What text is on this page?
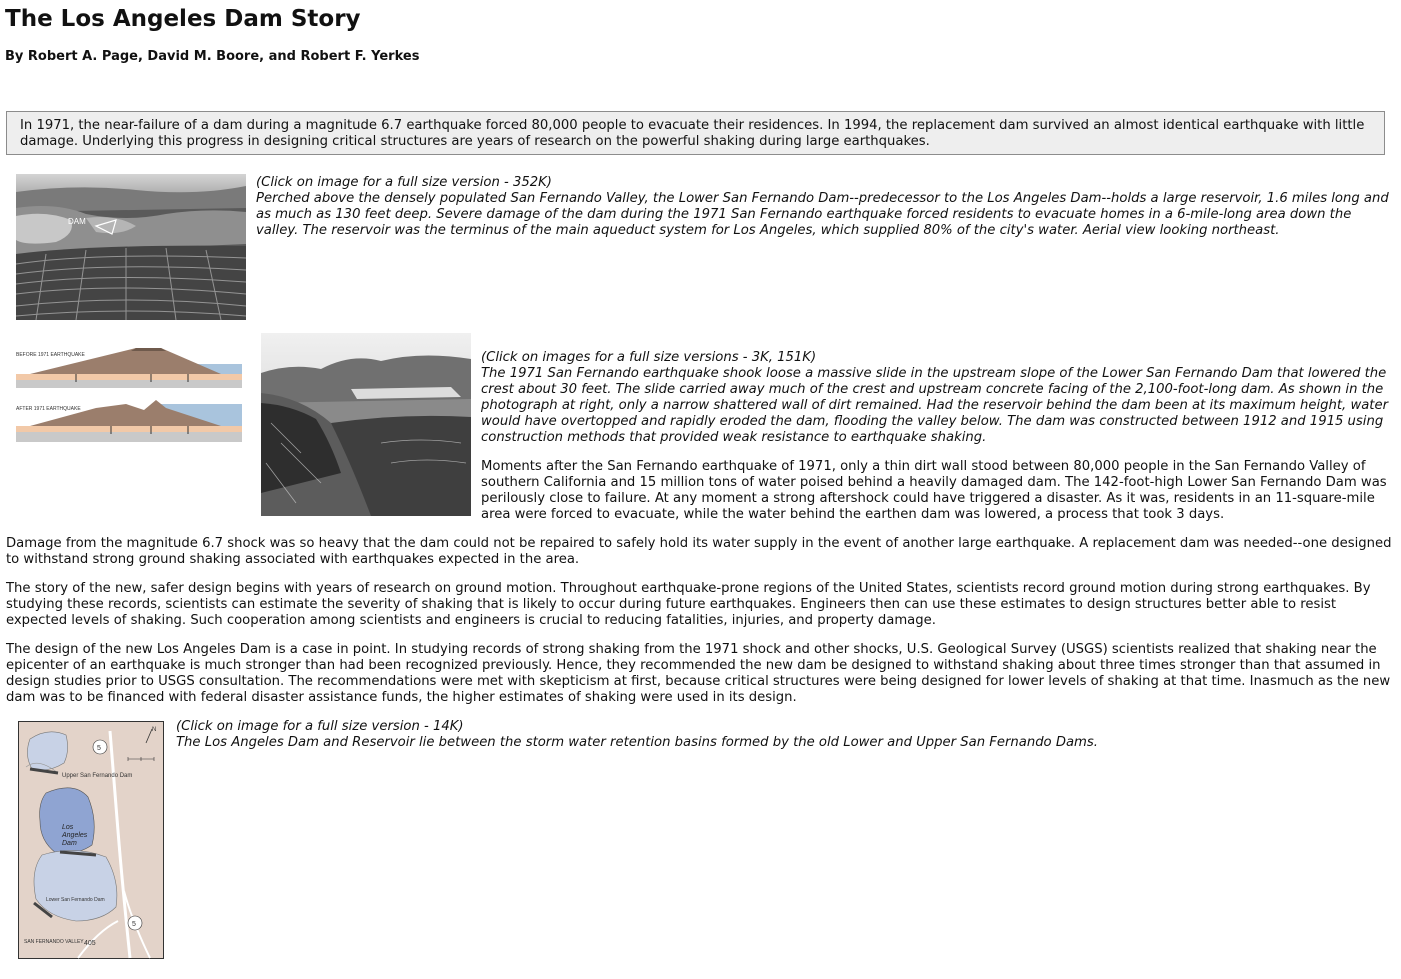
The Los Angeles Dam Story

By Robert A. Page, David M. Boore, and Robert F. Yerkes

In 1971, the near-failure of a dam during a magnitude 6.7 earthquake forced 80,000 people to evacuate their residences. In 1994, the replacement dam survived an almost identical earthquake with little damage. Underlying this progress in designing critical structures are years of research on the powerful shaking during large earthquakes.
DAM
(Click on image for a full size version - 352K)
Perched above the densely populated San Fernando Valley, the Lower San Fernando Dam--predecessor to the Los Angeles Dam--holds a large reservoir, 1.6 miles long and as much as 130 feet deep. Severe damage of the dam during the 1971 San Fernando earthquake forced residents to evacuate homes in a 6-mile-long area down the valley. The reservoir was the terminus of the main aqueduct system for Los Angeles, which supplied 80% of the city's water. Aerial view looking northeast.
BEFORE 1971 EARTHQUAKE
AFTER 1971 EARTHQUAKE
(Click on images for a full size versions - 3K, 151K)
The 1971 San Fernando earthquake shook loose a massive slide in the upstream slope of the Lower San Fernando Dam that lowered the crest about 30 feet. The slide carried away much of the crest and upstream concrete facing of the 2,100-foot-long dam. As shown in the photograph at right, only a narrow shattered wall of dirt remained. Had the reservoir behind the dam been at its maximum height, water would have overtopped and rapidly eroded the dam, flooding the valley below. The dam was constructed between 1912 and 1915 using construction methods that provided weak resistance to earthquake shaking.

Moments after the San Fernando earthquake of 1971, only a thin dirt wall stood between 80,000 people in the San Fernando Valley of southern California and 15 million tons of water poised behind a heavily damaged dam. The 142-foot-high Lower San Fernando Dam was perilously close to failure. At any moment a strong aftershock could have triggered a disaster. As it was, residents in an 11-square-mile area were forced to evacuate, while the water behind the earthen dam was lowered, a process that took 3 days.

Damage from the magnitude 6.7 shock was so heavy that the dam could not be repaired to safely hold its water supply in the event of another large earthquake. A replacement dam was needed--one designed to withstand strong ground shaking associated with earthquakes expected in the area.

The story of the new, safer design begins with years of research on ground motion. Throughout earthquake-prone regions of the United States, scientists record ground motion during strong earthquakes. By studying these records, scientists can estimate the severity of shaking that is likely to occur during future earthquakes. Engineers then can use these estimates to design structures better able to resist expected levels of shaking. Such cooperation among scientists and engineers is crucial to reducing fatalities, injuries, and property damage.

The design of the new Los Angeles Dam is a case in point. In studying records of strong shaking from the 1971 shock and other shocks, U.S. Geological Survey (USGS) scientists realized that shaking near the epicenter of an earthquake is much stronger than had been recognized previously. Hence, they recommended the new dam be designed to withstand shaking about three times stronger than that assumed in design studies prior to USGS consultation. The recommendations were met with skepticism at first, because critical structures were being designed for lower levels of shaking at that time. Inasmuch as the new dam was to be financed with federal disaster assistance funds, the higher estimates of shaking were used in its design.

5
5
405
N
Upper San Fernando Dam
Los
Angeles
Dam
Lower San Fernando Dam
SAN FERNANDO VALLEY
(Click on image for a full size version - 14K)
The Los Angeles Dam and Reservoir lie between the storm water retention basins formed by the old Lower and Upper San Fernando Dams.
